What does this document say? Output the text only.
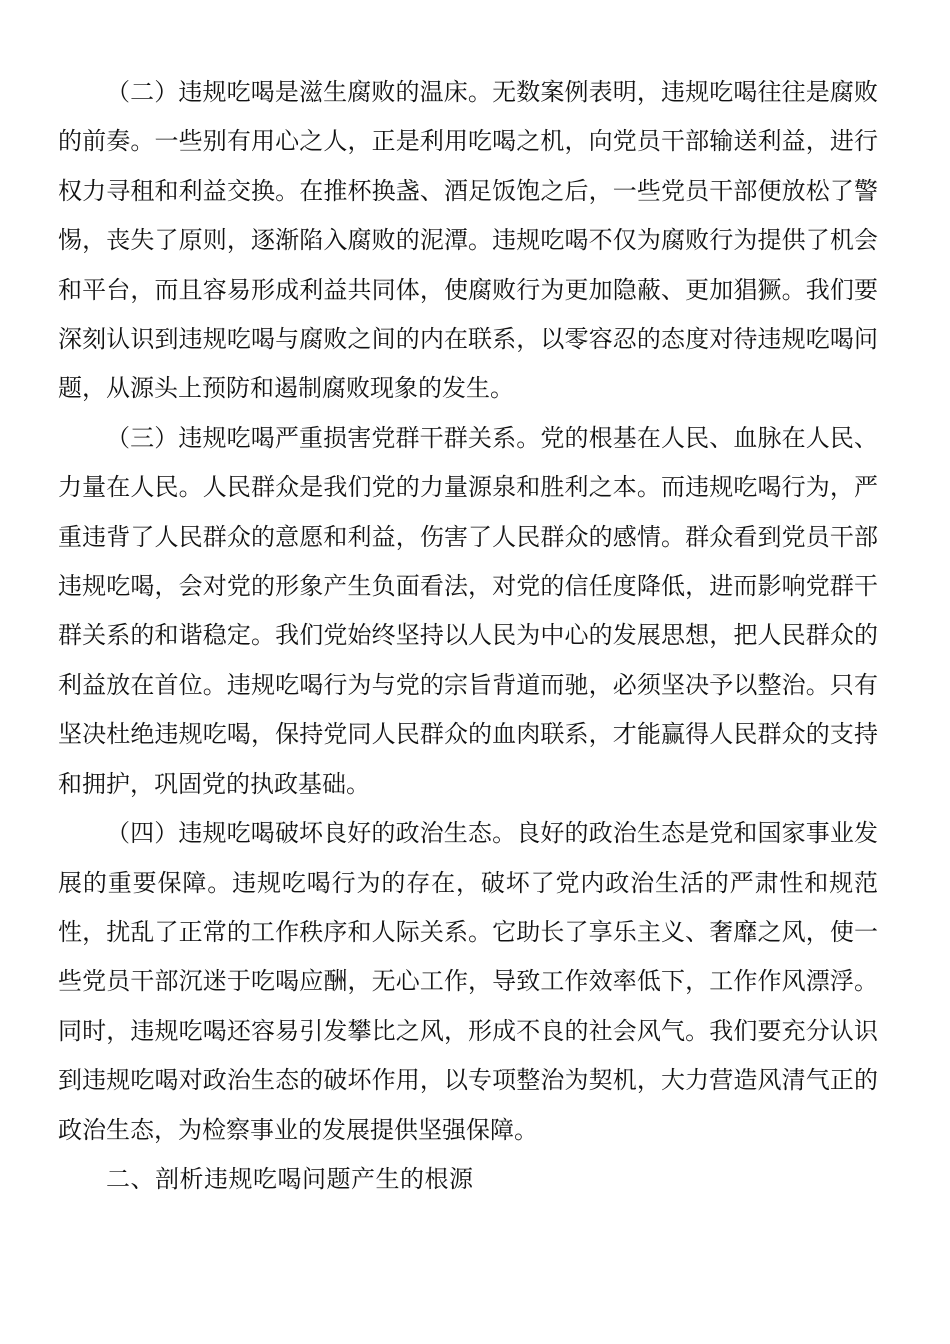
（二）违规吃喝是滋生腐败的温床。无数案例表明，违规吃喝往往是腐败的前奏。一些别有用心之人，正是利用吃喝之机，向党员干部输送利益，进行权力寻租和利益交换。在推杯换盏、酒足饭饱之后，一些党员干部便放松了警惕，丧失了原则，逐渐陷入腐败的泥潭。违规吃喝不仅为腐败行为提供了机会和平台，而且容易形成利益共同体，使腐败行为更加隐蔽、更加猖獗。我们要深刻认识到违规吃喝与腐败之间的内在联系，以零容忍的态度对待违规吃喝问题，从源头上预防和遏制腐败现象的发生。

（三）违规吃喝严重损害党群干群关系。党的根基在人民、血脉在人民、力量在人民。人民群众是我们党的力量源泉和胜利之本。而违规吃喝行为，严重违背了人民群众的意愿和利益，伤害了人民群众的感情。群众看到党员干部违规吃喝，会对党的形象产生负面看法，对党的信任度降低，进而影响党群干群关系的和谐稳定。我们党始终坚持以人民为中心的发展思想，把人民群众的利益放在首位。违规吃喝行为与党的宗旨背道而驰，必须坚决予以整治。只有坚决杜绝违规吃喝，保持党同人民群众的血肉联系，才能赢得人民群众的支持和拥护，巩固党的执政基础。

（四）违规吃喝破坏良好的政治生态。良好的政治生态是党和国家事业发展的重要保障。违规吃喝行为的存在，破坏了党内政治生活的严肃性和规范性，扰乱了正常的工作秩序和人际关系。它助长了享乐主义、奢靡之风，使一些党员干部沉迷于吃喝应酬，无心工作，导致工作效率低下，工作作风漂浮。同时，违规吃喝还容易引发攀比之风，形成不良的社会风气。我们要充分认识到违规吃喝对政治生态的破坏作用，以专项整治为契机，大力营造风清气正的政治生态，为检察事业的发展提供坚强保障。

二、剖析违规吃喝问题产生的根源
